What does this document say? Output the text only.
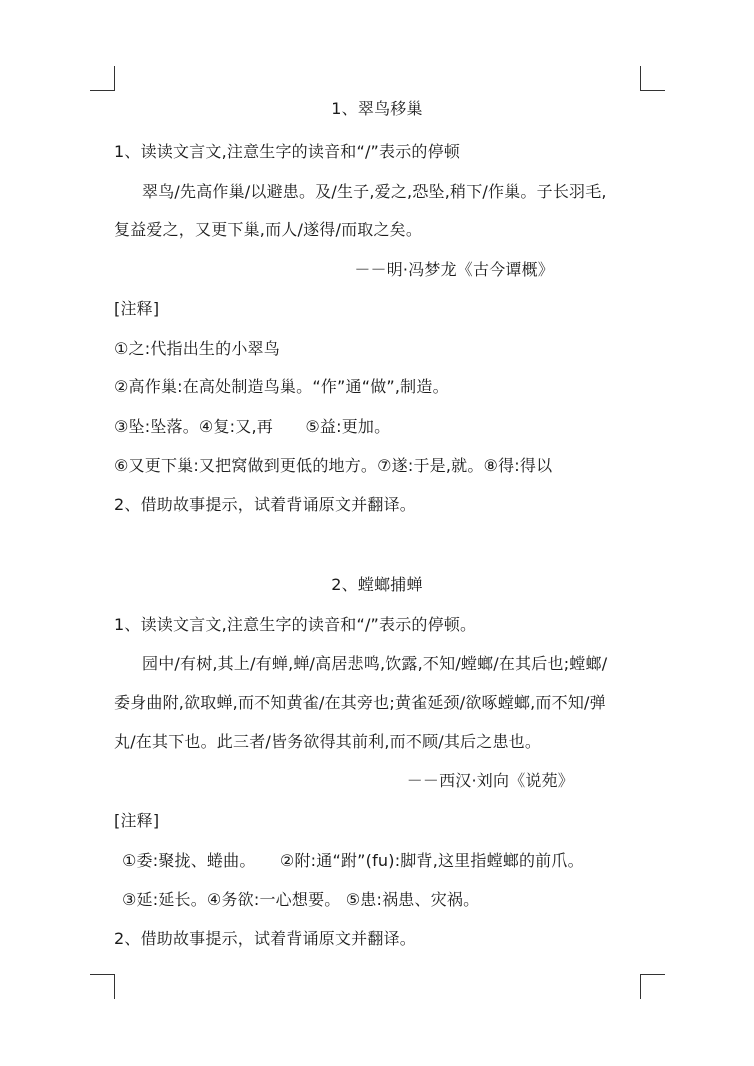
1、翠鸟移巢
1、读读文言文,注意生字的读音和“/”表示的停顿
翠鸟/先高作巢/以避患。及/生子,爱之,恐坠,稍下/作巢。子长羽毛,
复益爱之，又更下巢,而人/遂得/而取之矣。
－－明·冯梦龙《古今谭概》
[注释]
①之:代指出生的小翠鸟
②高作巢:在高处制造鸟巢。“作”通“做”,制造。
③坠:坠落。④复:又,再　　⑤益:更加。
⑥又更下巢:又把窝做到更低的地方。⑦遂:于是,就。⑧得:得以
2、借助故事提示，试着背诵原文并翻译。
2、螳螂捕蝉
1、读读文言文,注意生字的读音和“/”表示的停顿。
园中/有树,其上/有蝉,蝉/高居悲鸣,饮露,不知/螳螂/在其后也;螳螂/
委身曲附,欲取蝉,而不知黄雀/在其旁也;黄雀延颈/欲啄螳螂,而不知/弹
丸/在其下也。此三者/皆务欲得其前利,而不顾/其后之患也。
－－西汉·刘向《说苑》
[注释]
①委:聚拢、蜷曲。　　②附:通“跗”(fu):脚背,这里指螳螂的前爪。
③延:延长。④务欲:一心想要。 ⑤患:祸患、灾祸。
2、借助故事提示，试着背诵原文并翻译。
